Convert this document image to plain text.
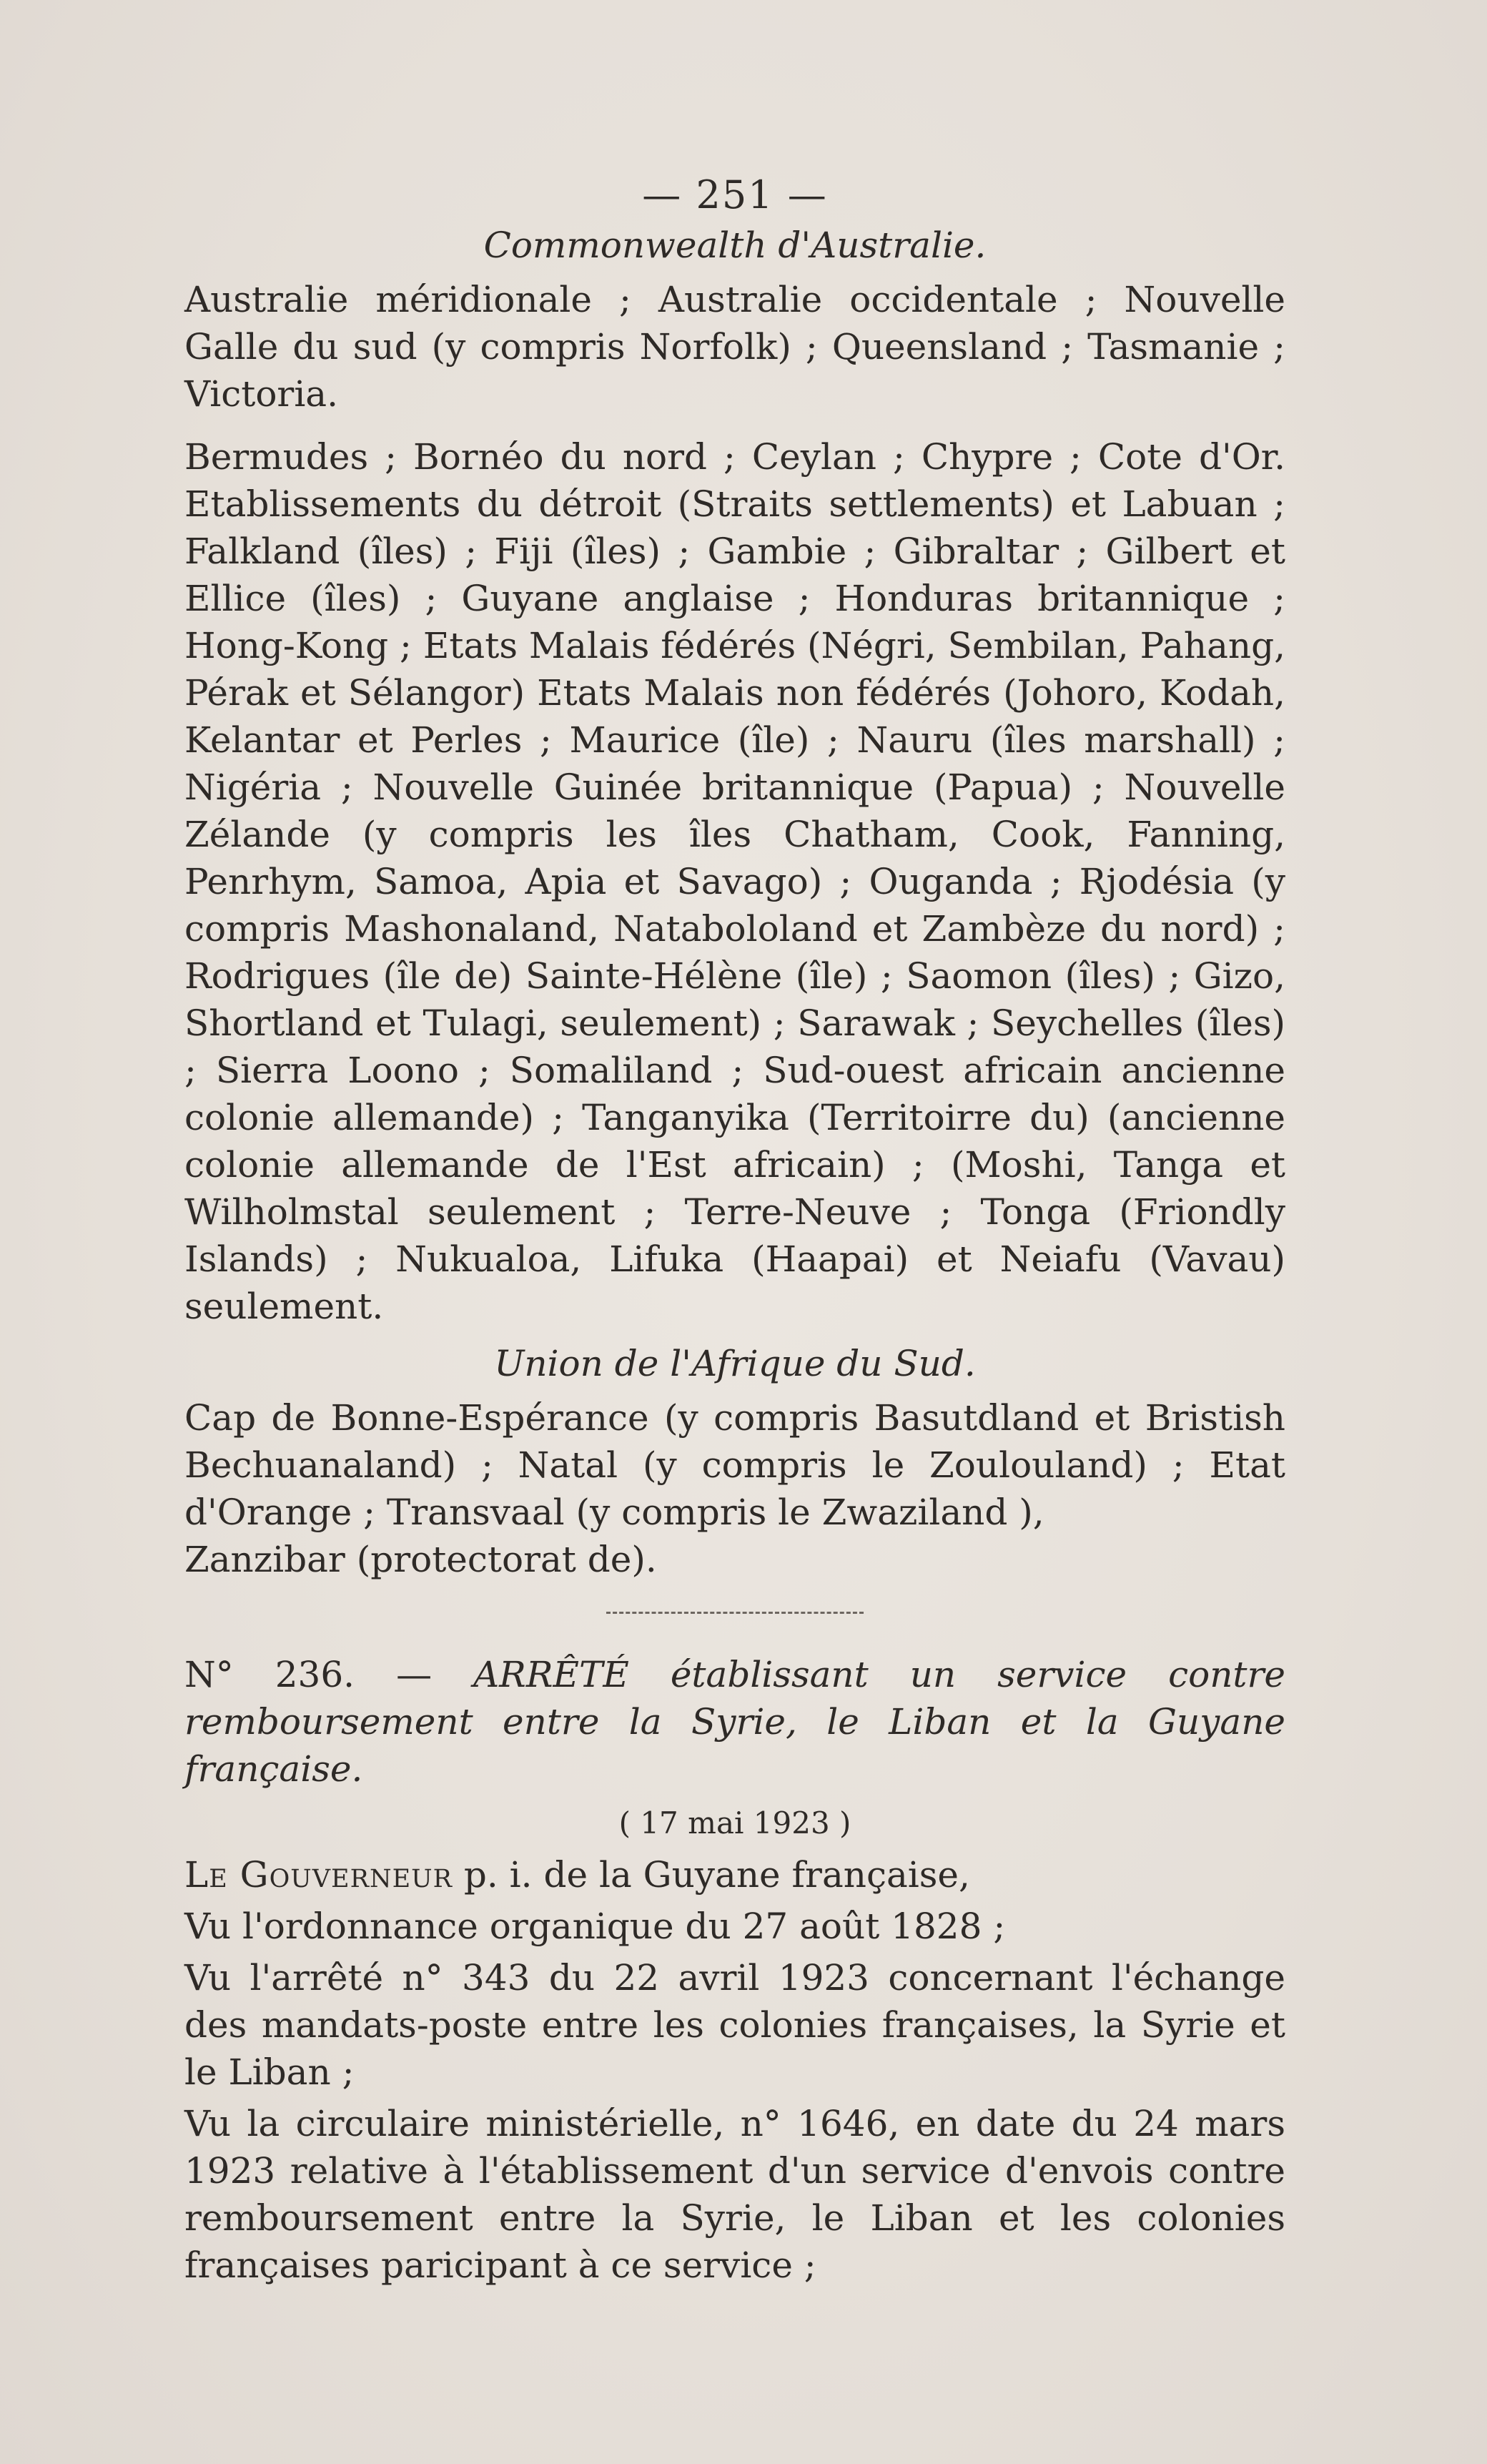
— 251 —
Commonwealth d'Australie.

Australie méridionale ; Australie occidentale ; Nouvelle Galle du sud (y compris Norfolk) ; Queensland ; Tasmanie ; Victoria.

Bermudes ; Bornéo du nord ; Ceylan ; Chypre ; Cote d'Or. Etablissements du détroit (Straits settlements) et Labuan ; Falkland (îles) ; Fiji (îles) ; Gambie ; Gibraltar ; Gilbert et Ellice (îles) ; Guyane anglaise ; Honduras britannique ; Hong-Kong ; Etats Malais fédérés (Négri, Sembilan, Pahang, Pérak et Sélangor) Etats Malais non fédérés (Johoro, Kodah, Kelantar et Perles ; Maurice (île) ; Nauru (îles marshall) ; Nigéria ; Nouvelle Guinée britannique (Papua) ; Nouvelle Zélande (y compris les îles Chatham, Cook, Fanning, Penrhym, Samoa, Apia et Savago) ; Ouganda ; Rjodésia (y compris Mashonaland, Natabololand et Zambèze du nord) ; Rodrigues (île de) Sainte-Hélène (île) ; Saomon (îles) ; Gizo, Shortland et Tulagi, seulement) ; Sarawak ; Seychelles (îles) ; Sierra Loono ; Somaliland ; Sud-ouest africain ancienne colonie allemande) ; Tanganyika (Territoirre du) (ancienne colonie allemande de l'Est africain) ; (Moshi, Tanga et Wilholmstal seulement ; Terre-Neuve ; Tonga (Friondly Islands) ; Nukualoa, Lifuka (Haapai) et Neiafu (Vavau) seulement.

Union de l'Afrique du Sud.

Cap de Bonne-Espérance (y compris Basutdland et Bristish Bechuanaland) ; Natal (y compris le Zoulouland) ; Etat d'Orange ; Transvaal (y compris le Zwaziland ),

Zanzibar (protectorat de).

N° 236. — ARRÊTÉ établissant un service contre remboursement entre la Syrie, le Liban et la Guyane française.

( 17 mai 1923 )

Le Gouverneur p. i. de la Guyane française,

Vu l'ordonnance organique du 27 août 1828 ;

Vu l'arrêté n° 343 du 22 avril 1923 concernant l'échange des mandats-poste entre les colonies françaises, la Syrie et le Liban ;

Vu la circulaire ministérielle, n° 1646, en date du 24 mars 1923 relative à l'établissement d'un service d'envois contre remboursement entre la Syrie, le Liban et les colonies françaises paricipant à ce service ;
